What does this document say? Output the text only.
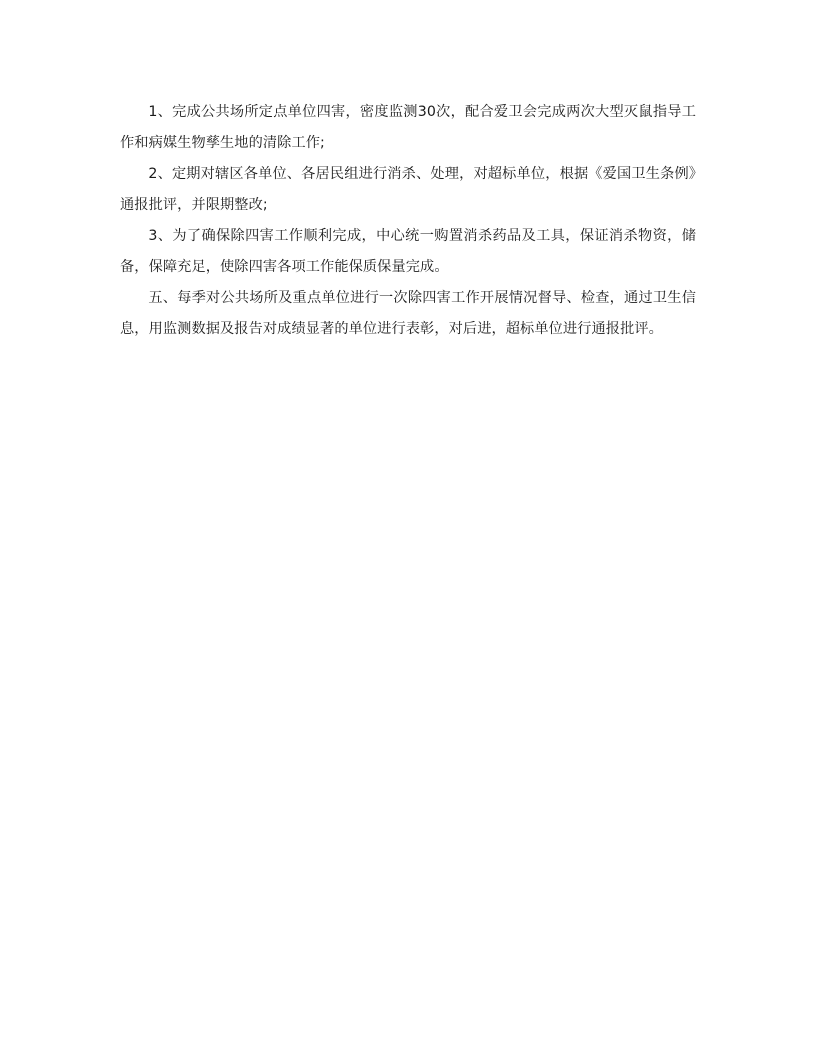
1、完成公共场所定点单位四害，密度监测30次，配合爱卫会完成两次大型灭鼠指导工作和病媒生物孳生地的清除工作;

2、定期对辖区各单位、各居民组进行消杀、处理，对超标单位，根据《爱国卫生条例》通报批评，并限期整改;

3、为了确保除四害工作顺利完成，中心统一购置消杀药品及工具，保证消杀物资，储备，保障充足，使除四害各项工作能保质保量完成。

五、每季对公共场所及重点单位进行一次除四害工作开展情况督导、检查，通过卫生信息，用监测数据及报告对成绩显著的单位进行表彰，对后进，超标单位进行通报批评。
